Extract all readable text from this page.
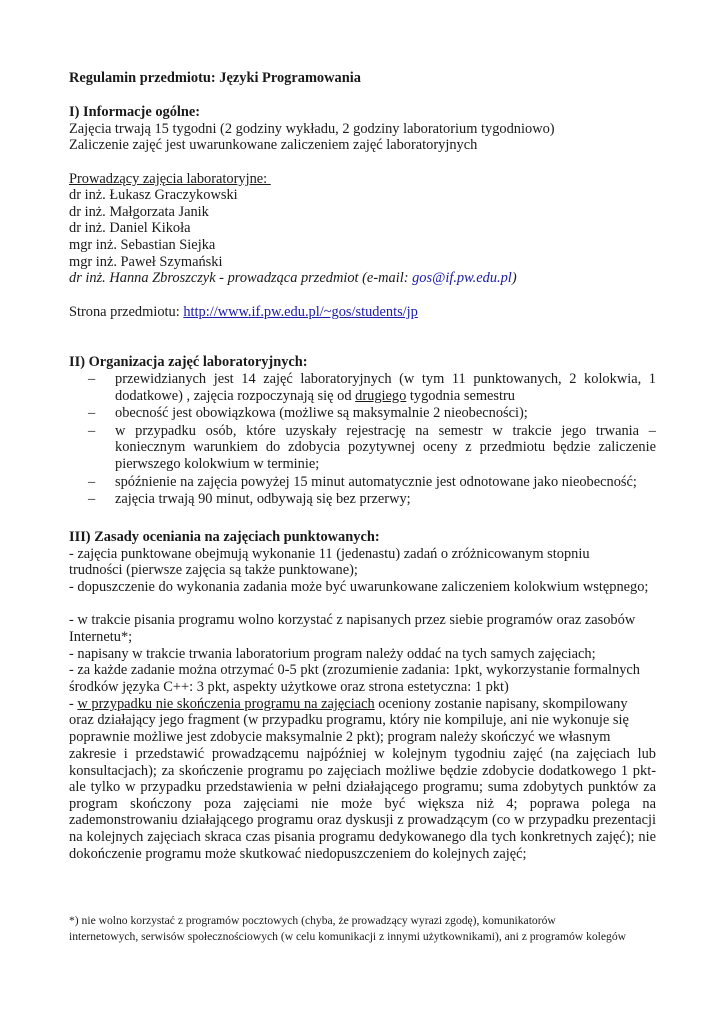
Regulamin przedmiotu: Języki Programowania

I) Informacje ogólne:

Zajęcia trwają 15 tygodni (2 godziny wykładu, 2 godziny laboratorium tygodniowo)

Zaliczenie zajęć jest uwarunkowane zaliczeniem zajęć laboratoryjnych

Prowadzący zajęcia laboratoryjne:

dr inż. Łukasz Graczykowski

dr inż. Małgorzata Janik

dr inż. Daniel Kikoła

mgr inż. Sebastian Siejka

mgr inż. Paweł Szymański

dr inż. Hanna Zbroszczyk - prowadząca przedmiot (e-mail: gos@if.pw.edu.pl)

Strona przedmiotu: http://www.if.pw.edu.pl/~gos/students/jp

II) Organizacja zajęć laboratoryjnych:

– przewidzianych jest 14 zajęć laboratoryjnych (w tym 11 punktowanych, 2 kolokwia, 1 dodatkowe) , zajęcia rozpoczynają się od drugiego tygodnia semestru
– obecność jest obowiązkowa (możliwe są maksymalnie 2 nieobecności);
– w przypadku osób, które uzyskały rejestrację na semestr w trakcie jego trwania – koniecznym warunkiem do zdobycia pozytywnej oceny z przedmiotu będzie zaliczenie pierwszego kolokwium w terminie;
– spóźnienie na zajęcia powyżej 15 minut automatycznie jest odnotowane jako nieobecność;
– zajęcia trwają 90 minut, odbywają się bez przerwy;

III) Zasady oceniania na zajęciach punktowanych:

- zajęcia punktowane obejmują wykonanie 11 (jedenastu) zadań o zróżnicowanym stopniu

trudności (pierwsze zajęcia są także punktowane);

- dopuszczenie do wykonania zadania może być uwarunkowane zaliczeniem kolokwium wstępnego;

- w trakcie pisania programu wolno korzystać z napisanych przez siebie programów oraz zasobów

Internetu*;

- napisany w trakcie trwania laboratorium program należy oddać na tych samych zajęciach;

- za każde zadanie można otrzymać 0-5 pkt (zrozumienie zadania: 1pkt, wykorzystanie formalnych

środków języka C++: 3 pkt, aspekty użytkowe oraz strona estetyczna: 1 pkt)

- w przypadku nie skończenia programu na zajęciach oceniony zostanie napisany, skompilowany

oraz działający jego fragment (w przypadku programu, który nie kompiluje, ani nie wykonuje się

poprawnie możliwe jest zdobycie maksymalnie 2 pkt); program należy skończyć we własnym

zakresie i przedstawić prowadzącemu najpóźniej w kolejnym tygodniu zajęć (na zajęciach lub konsultacjach); za skończenie programu po zajęciach możliwe będzie zdobycie dodatkowego 1 pkt- ale tylko w przypadku przedstawienia w pełni działającego programu; suma zdobytych punktów za program skończony poza zajęciami nie może być większa niż 4; poprawa polega na zademonstrowaniu działającego programu oraz dyskusji z prowadzącym (co w przypadku prezentacji na kolejnych zajęciach skraca czas pisania programu dedykowanego dla tych konkretnych zajęć); nie dokończenie programu może skutkować niedopuszczeniem do kolejnych zajęć;

*) nie wolno korzystać z programów pocztowych (chyba, że prowadzący wyrazi zgodę), komunikatorów

internetowych, serwisów społecznościowych (w celu komunikacji z innymi użytkownikami), ani z programów kolegów
